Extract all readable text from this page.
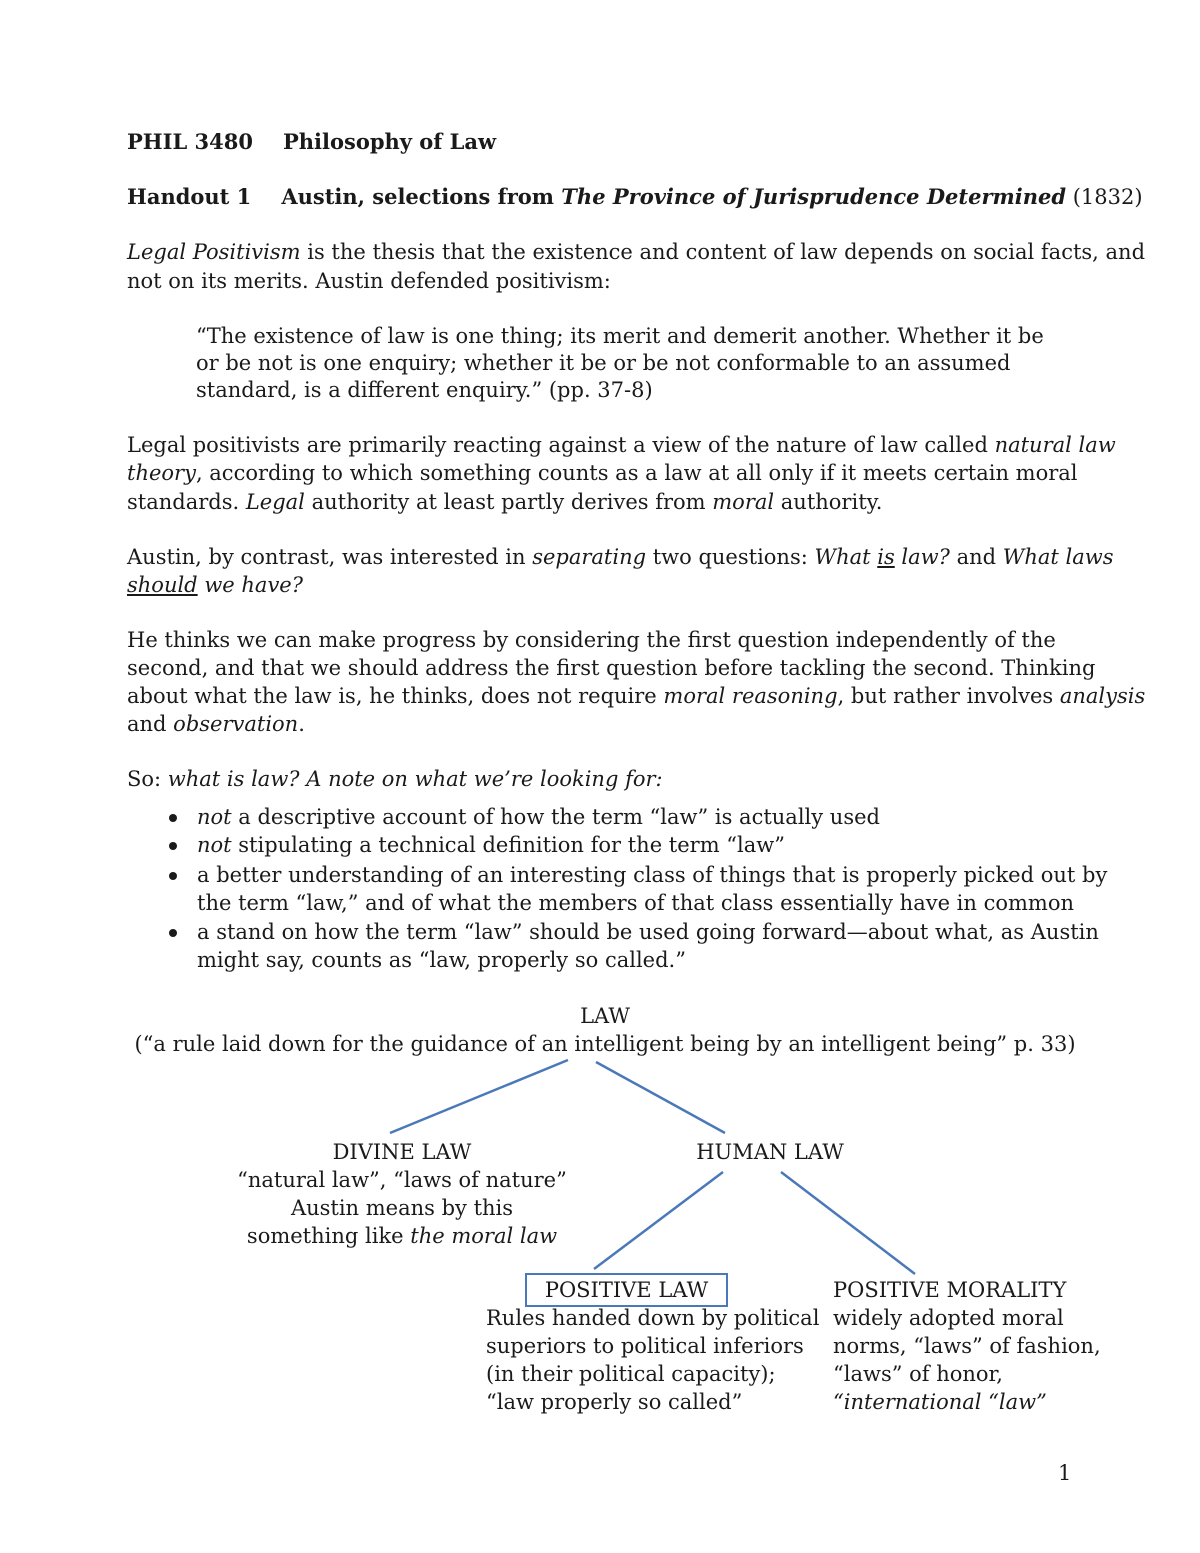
PHIL 3480 Philosophy of Law
Handout 1 Austin, selections from The Province of Jurisprudence Determined (1832)
Legal Positivism is the thesis that the existence and content of law depends on social facts, and
not on its merits. Austin defended positivism:
“The existence of law is one thing; its merit and demerit another. Whether it be
or be not is one enquiry; whether it be or be not conformable to an assumed
standard, is a different enquiry.” (pp. 37-8)
Legal positivists are primarily reacting against a view of the nature of law called natural law
theory, according to which something counts as a law at all only if it meets certain moral
standards. Legal authority at least partly derives from moral authority.
Austin, by contrast, was interested in separating two questions: What is law? and What laws
should we have?
He thinks we can make progress by considering the first question independently of the
second, and that we should address the first question before tackling the second. Thinking
about what the law is, he thinks, does not require moral reasoning, but rather involves analysis
and observation.
So: what is law? A note on what we’re looking for:
not a descriptive account of how the term “law” is actually used
not stipulating a technical definition for the term “law”
a better understanding of an interesting class of things that is properly picked out by
the term “law,” and of what the members of that class essentially have in common
a stand on how the term “law” should be used going forward—about what, as Austin
might say, counts as “law, properly so called.”
LAW
(“a rule laid down for the guidance of an intelligent being by an intelligent being” p. 33)
DIVINE LAW
“natural law”, “laws of nature”
Austin means by this
something like the moral law
HUMAN LAW
POSITIVE LAW
Rules handed down by political
superiors to political inferiors
(in their political capacity);
“law properly so called”
POSITIVE MORALITY
widely adopted moral
norms, “laws” of fashion,
“laws” of honor,
“international “law”
1
